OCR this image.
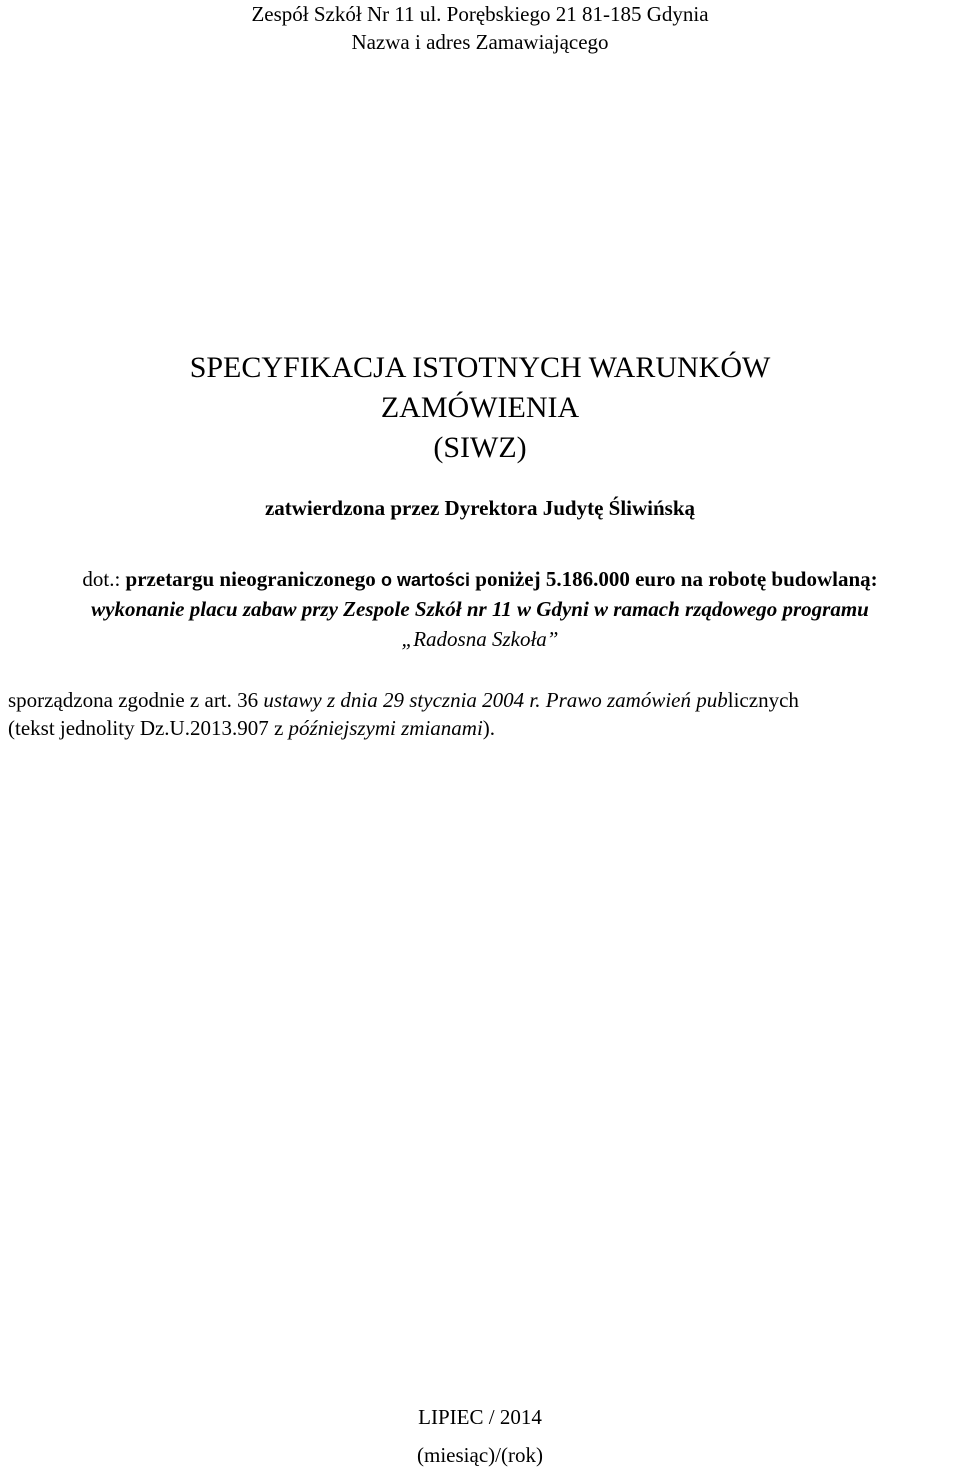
Zespół Szkół Nr 11 ul. Porębskiego 21 81-185 Gdynia
Nazwa i adres Zamawiającego
SPECYFIKACJA ISTOTNYCH WARUNKÓW
ZAMÓWIENIA
(SIWZ)
zatwierdzona przez Dyrektora Judytę Śliwińską
dot.: przetargu nieograniczonego o wartości poniżej 5.186.000 euro na robotę budowlaną:
wykonanie placu zabaw przy Zespole Szkół nr 11 w Gdyni w ramach rządowego programu
„Radosna Szkoła”
sporządzona zgodnie z art. 36 ustawy z dnia 29 stycznia 2004 r. Prawo zamówień publicznych
(tekst jednolity Dz.U.2013.907 z późniejszymi zmianami).
LIPIEC / 2014
(miesiąc)/(rok)
